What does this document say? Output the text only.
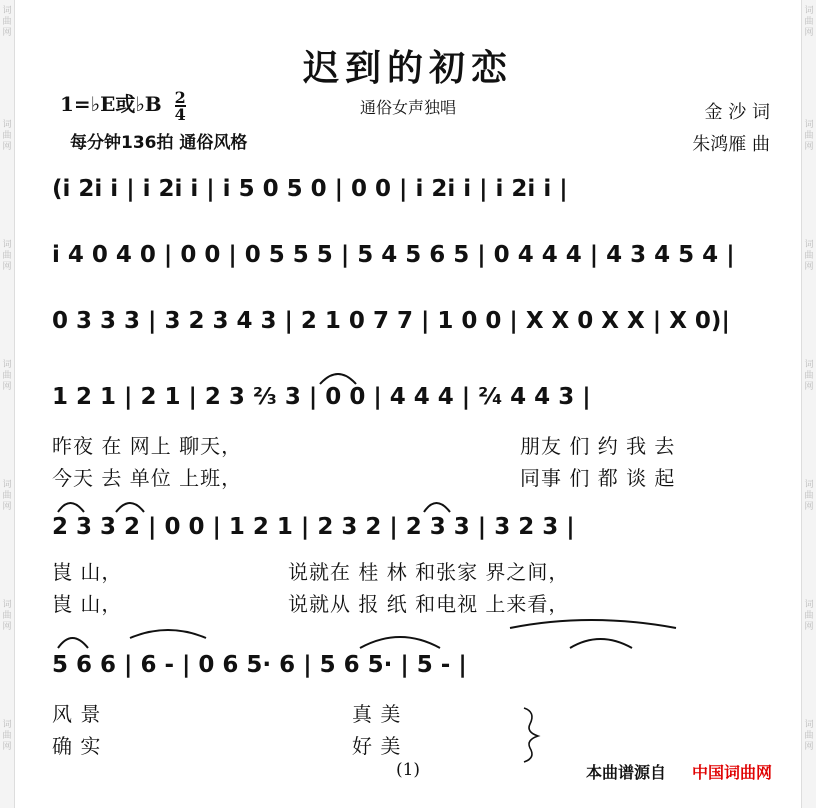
迟到的初恋
通俗女声独唱
1=♭E或♭B $\frac{2}{4}$
每分钟136拍 通俗风格
金 沙 词
朱鸿雁 曲
(i 2i i | i 2i i | i 5 0 5 0 | 0 0 | i 2i i | i 2i i |
i 4 0 4 0 | 0 0 | 0 5 5 5 | 5 4 5 6 5 | 0 4 4 4 | 4 3 4 5 4 |
0 3 3 3 | 3 2 3 4 3 | 2 1 0 7 7 | 1 0 0 | X X 0 X X | X 0)|
1 2 1 | 2 1 | 2 3 ²⁄₃ 3 | 0 0 | 4 4 4 | ²⁄₄ 4 4 3 |
昨夜 在 网上 聊天，
今天 去 单位 上班，
朋友 们 约 我 去
同事 们 都 谈 起
2 3 3 2 | 0 0 | 1 2 1 | 2 3 2 | 2 3 3 | 3 2 3 |
崀 山，
崀 山，
说就在 桂 林 和张家 界之间，
说就从 报 纸 和电视 上来看，
5 6 6 | 6 - | 0 6 5· 6 | 5 6 5· | 5 - |
风 景
确 实
真 美
好 美
词
曲
网
词
曲
网
词
曲
网
词
曲
网
词
曲
网
词
曲
网
词
曲
网
词
曲
网
词
曲
网
词
曲
网
词
曲
网
词
曲
网
词
曲
网
词
曲
网
(1)	本曲谱源自 中国词曲网
